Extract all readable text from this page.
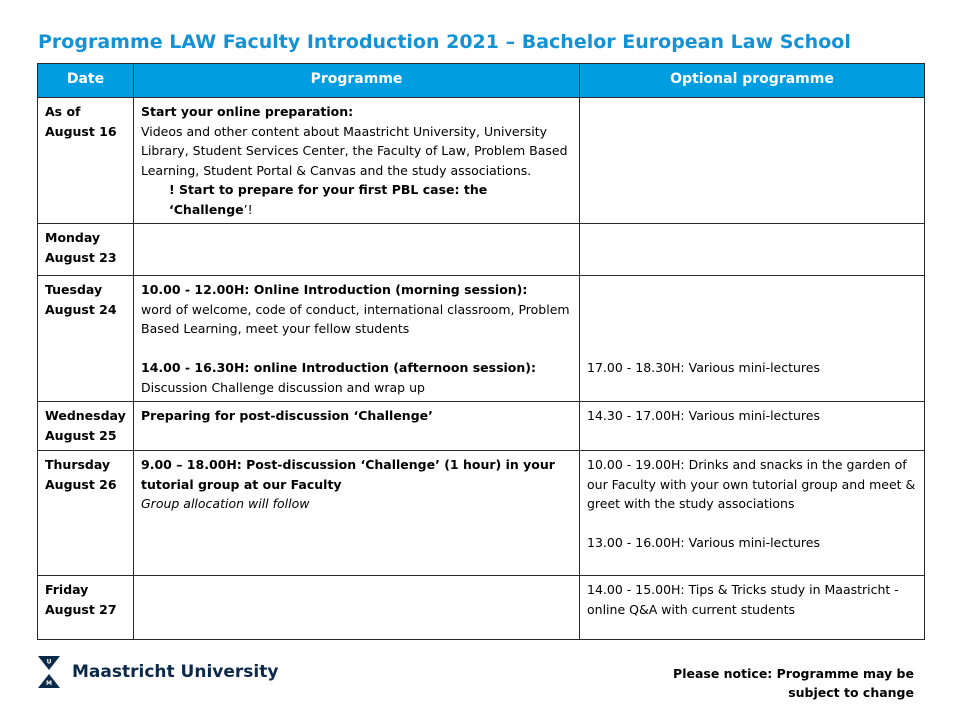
Programme LAW Faculty Introduction 2021 – Bachelor European Law School
Date	Programme	Optional programme

As of
August 16	Start your online preparation:
Videos and other content about Maastricht University, University Library, Student Services Center, the Faculty of Law, Problem Based Learning, Student Portal & Canvas and the study associations.
! Start to prepare for your first PBL case: the ‘Challenge’!	

Monday
August 23		

Tuesday
August 24	10.00 - 12.00H: Online Introduction (morning session):
word of welcome, code of conduct, international classroom, Problem Based Learning, meet your fellow students
14.00 - 16.30H: online Introduction (afternoon session):
Discussion Challenge discussion and wrap up	17.00 - 18.30H: Various mini-lectures

Wednesday
August 25	Preparing for post-discussion ‘Challenge’	14.30 - 17.00H: Various mini-lectures

Thursday
August 26	9.00 – 18.00H: Post-discussion ‘Challenge’ (1 hour) in your tutorial group at our Faculty
Group allocation will follow	10.00 - 19.00H: Drinks and snacks in the garden of our Faculty with your own tutorial group and meet & greet with the study associations
13.00 - 16.00H: Various mini-lectures

Friday
August 27		14.00 - 15.00H: Tips & Tricks study in Maastricht - online Q&A with current students
U
M
Maastricht University	Please notice: Programme may be
subject to change
